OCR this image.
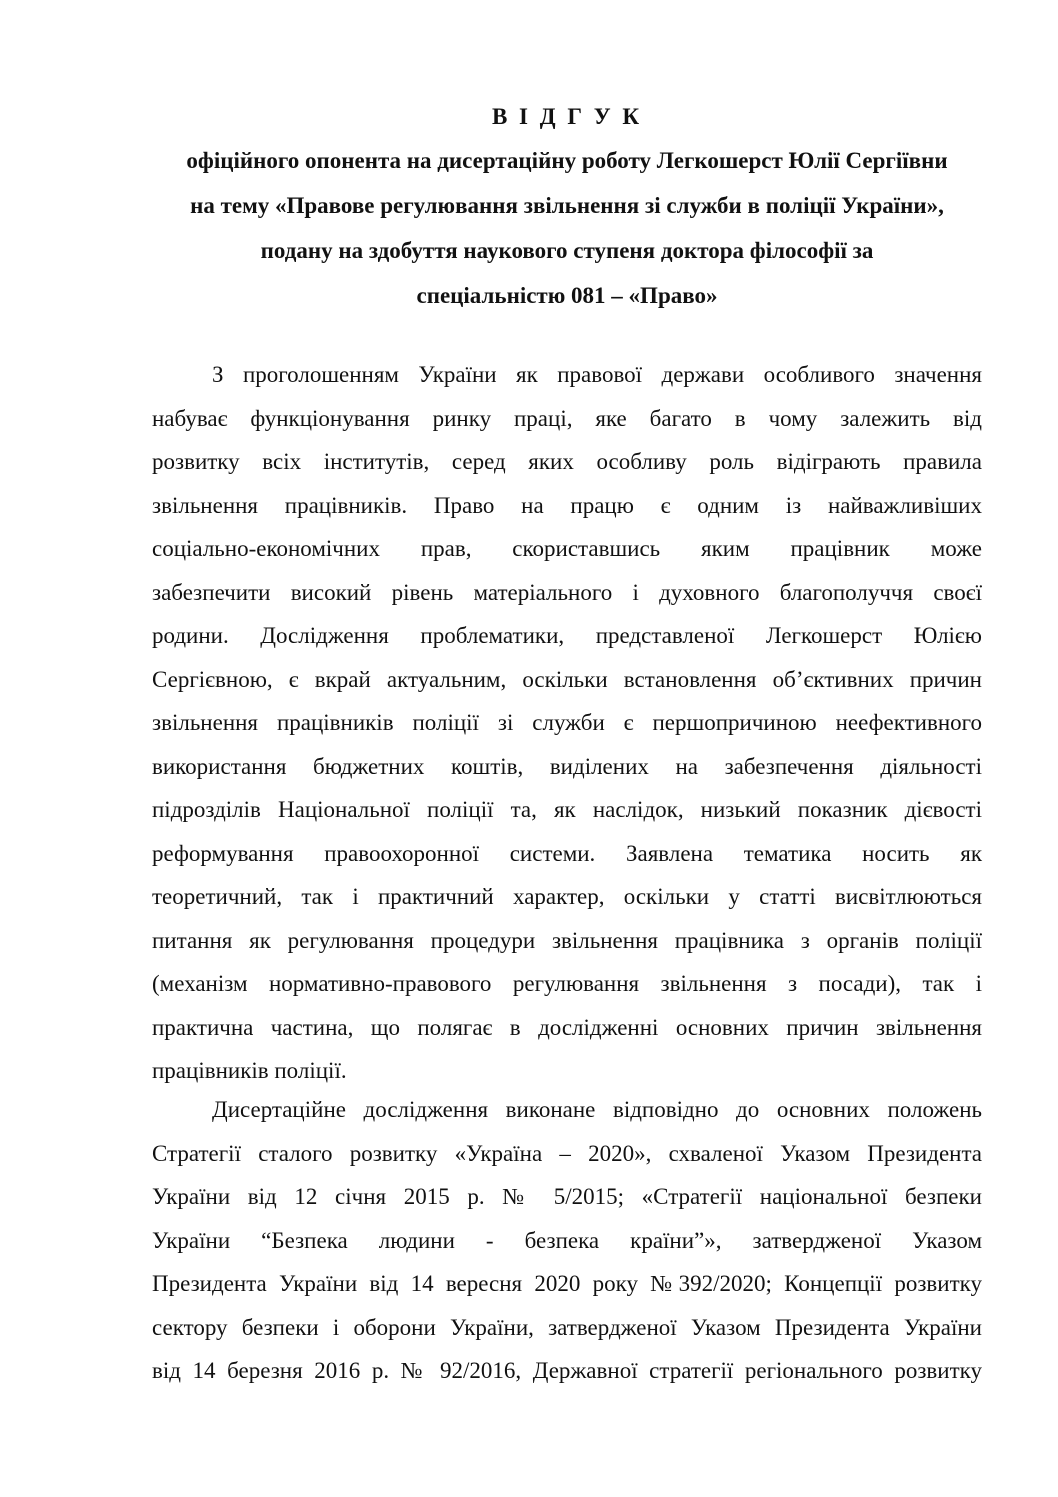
В І Д Г У К
офіційного опонента на дисертаційну роботу Легкошерст Юлії Сергіївни
на тему «Правове регулювання звільнення зі служби в поліції України»,
подану на здобуття наукового ступеня доктора філософії за
спеціальністю 081 – «Право»
З проголошенням України як правової держави особливого значення
набуває функціонування ринку праці, яке багато в чому залежить від
розвитку всіх інститутів, серед яких особливу роль відіграють правила
звільнення працівників. Право на працю є одним із найважливіших
соціально-економічних прав, скориставшись яким працівник може
забезпечити високий рівень матеріального і духовного благополуччя своєї
родини. Дослідження проблематики, представленої Легкошерст Юлією
Сергієвною, є вкрай актуальним, оскільки встановлення об’єктивних причин
звільнення працівників поліції зі служби є першопричиною неефективного
використання бюджетних коштів, виділених на забезпечення діяльності
підрозділів Національної поліції та, як наслідок, низький показник дієвості
реформування правоохоронної системи. Заявлена тематика носить як
теоретичний, так і практичний характер, оскільки у статті висвітлюються
питання як регулювання процедури звільнення працівника з органів поліції
(механізм нормативно-правового регулювання звільнення з посади), так і
практична частина, що полягає в дослідженні основних причин звільнення
працівників поліції.
Дисертаційне дослідження виконане відповідно до основних положень
Стратегії сталого розвитку «Україна – 2020», схваленої Указом Президента
України від 12 січня 2015 р. № 5/2015; «Стратегії національної безпеки
України “Безпека людини - безпека країни”», затвердженої Указом
Президента України від 14 вересня 2020 року №392/2020; Концепції розвитку
сектору безпеки і оборони України, затвердженої Указом Президента України
від 14 березня 2016 р. № 92/2016, Державної стратегії регіонального розвитку
